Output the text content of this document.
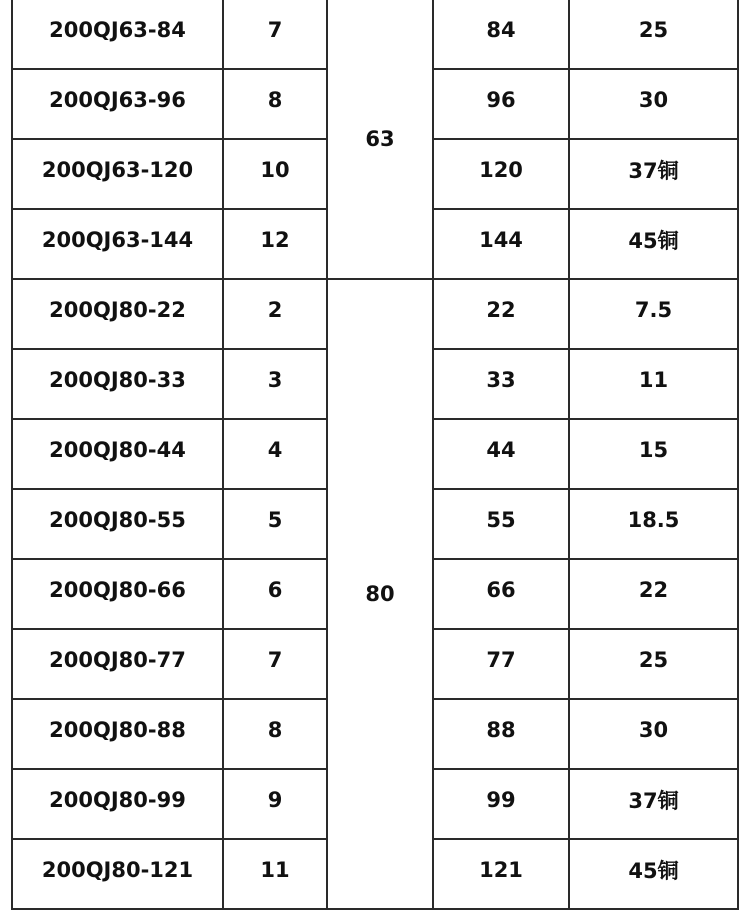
200QJ63-84	7	63	84	25
200QJ63-96	8		96	30
200QJ63-120	10		120	37铜
200QJ63-144	12		144	45铜
200QJ80-22	2	80	22	7.5
200QJ80-33	3		33	11
200QJ80-44	4		44	15
200QJ80-55	5		55	18.5
200QJ80-66	6		66	22
200QJ80-77	7		77	25
200QJ80-88	8		88	30
200QJ80-99	9		99	37铜
200QJ80-121	11		121	45铜
